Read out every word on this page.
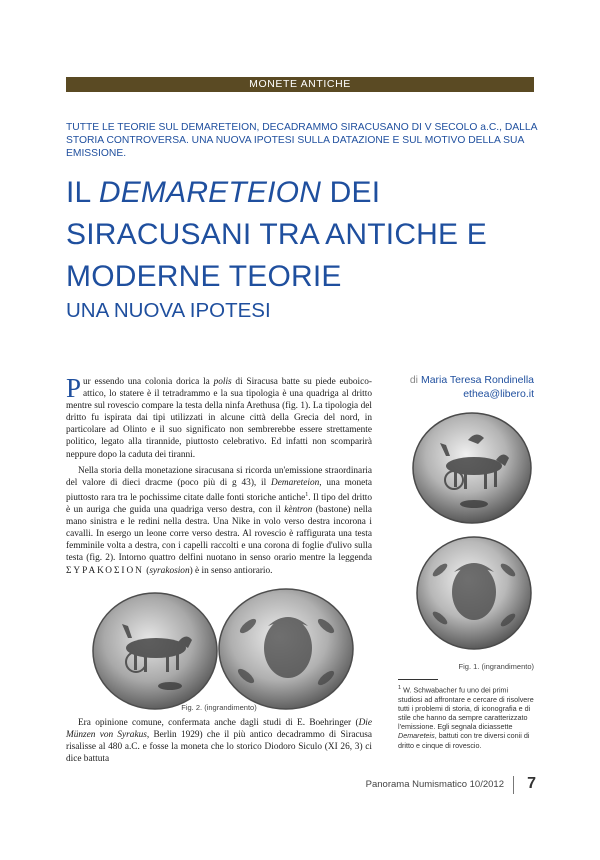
MONETE ANTICHE
TUTTE LE TEORIE SUL DEMARETEION, DECADRAMMO SIRACUSANO DI V SECOLO a.C., DALLA STORIA CONTROVERSA. UNA NUOVA IPOTESI SULLA DATAZIONE E SUL MOTIVO DELLA SUA EMISSIONE.
IL DEMARETEION DEI
SIRACUSANI TRA ANTICHE E
MODERNE TEORIE
UNA NUOVA IPOTESI
di Maria Teresa Rondinella
ethea@libero.it

Pur essendo una colonia dorica la polis di Siracusa batte su piede euboico-attico, lo statere è il tetradrammo e la sua tipologia è una quadriga al dritto mentre sul rovescio compare la testa della ninfa Arethusa (fig. 1). La tipologia del dritto fu ispirata dai tipi utilizzati in alcune città della Grecia del nord, in particolare ad Olinto e il suo significato non sembrerebbe essere strettamente politico, legato alla tirannide, piuttosto celebrativo. Ed infatti non scomparirà neppure dopo la caduta dei tiranni.

Nella storia della monetazione siracusana si ricorda un'emissione straordinaria del valore di dieci dracme (poco più di g 43), il Demareteion, una moneta piuttosto rara tra le pochissime citate dalle fonti storiche antiche$^1$. Il tipo del dritto è un auriga che guida una quadriga verso destra, con il kèntron (bastone) nella mano sinistra e le redini nella destra. Una Nike in volo verso destra incorona i cavalli. In esergo un leone corre verso destra. Al rovescio è raffigurata una testa femminile volta a destra, con i capelli raccolti e una corona di foglie d'ulivo sulla testa (fig. 2). Intorno quattro delfini nuotano in senso orario mentre la leggenda ΣΥΡΑΚΟΣΙΟΝ (syrakosion) è in senso antiorario.

Fig. 2. (ingrandimento)

Era opinione comune, confermata anche dagli studi di E. Boehringer (Die Münzen von Syrakus, Berlin 1929) che il più antico decadrammo di Siracusa risalisse al 480 a.C. e fosse la moneta che lo storico Diodoro Siculo (XI 26, 3) ci dice battuta

Fig. 1. (ingrandimento)
$^1$ W. Schwabacher fu uno dei primi studiosi ad affrontare e cercare di risolvere tutti i problemi di storia, di iconografia e di stile che hanno da sempre caratterizzato l'emissione. Egli segnala diciassette Demareteis, battuti con tre diversi conii di dritto e cinque di rovescio.
Panorama Numismatico 10/2012 7
